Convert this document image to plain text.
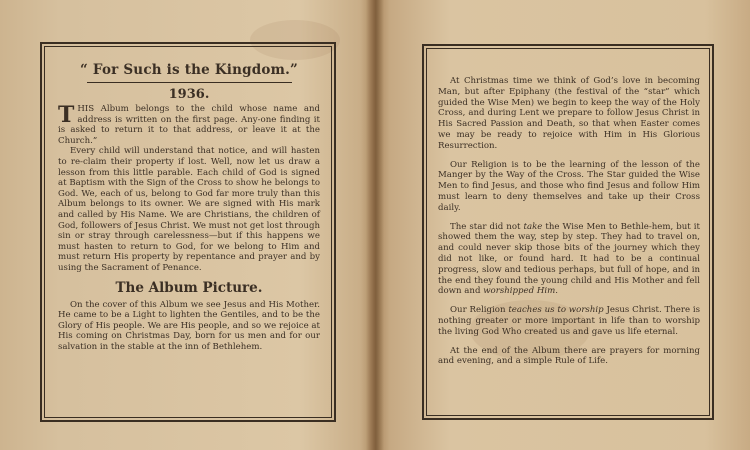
“ For Such is the Kingdom.”
1936.

THIS Album belongs to the child whose name and address is written on the first page. Any-one finding it is asked to return it to that address, or leave it at the Church.”

Every child will understand that notice, and will hasten to re-claim their property if lost. Well, now let us draw a lesson from this little parable. Each child of God is signed at Baptism with the Sign of the Cross to show he belongs to God. We, each of us, belong to God far more truly than this Album belongs to its owner. We are signed with His mark and called by His Name. We are Christians, the children of God, followers of Jesus Christ. We must not get lost through sin or stray through carelessness—but if this happens we must hasten to return to God, for we belong to Him and must return His property by repentance and prayer and by using the Sacrament of Penance.

The Album Picture.

On the cover of this Album we see Jesus and His Mother. He came to be a Light to lighten the Gentiles, and to be the Glory of His people. We are His people, and so we rejoice at His coming on Christmas Day, born for us men and for our salvation in the stable at the inn of Bethlehem.

At Christmas time we think of God’s love in becoming Man, but after Epiphany (the festival of the “star” which guided the Wise Men) we begin to keep the way of the Holy Cross, and during Lent we prepare to follow Jesus Christ in His Sacred Passion and Death, so that when Easter comes we may be ready to rejoice with Him in His Glorious Resurrection.

Our Religion is to be the learning of the lesson of the Manger by the Way of the Cross. The Star guided the Wise Men to find Jesus, and those who find Jesus and follow Him must learn to deny themselves and take up their Cross daily.

The star did not take the Wise Men to Bethle-hem, but it showed them the way, step by step. They had to travel on, and could never skip those bits of the journey which they did not like, or found hard. It had to be a continual progress, slow and tedious perhaps, but full of hope, and in the end they found the young child and His Mother and fell down and worshipped Him.

Our Religion teaches us to worship Jesus Christ. There is nothing greater or more important in life than to worship the living God Who created us and gave us life eternal.

At the end of the Album there are prayers for morning and evening, and a simple Rule of Life.
